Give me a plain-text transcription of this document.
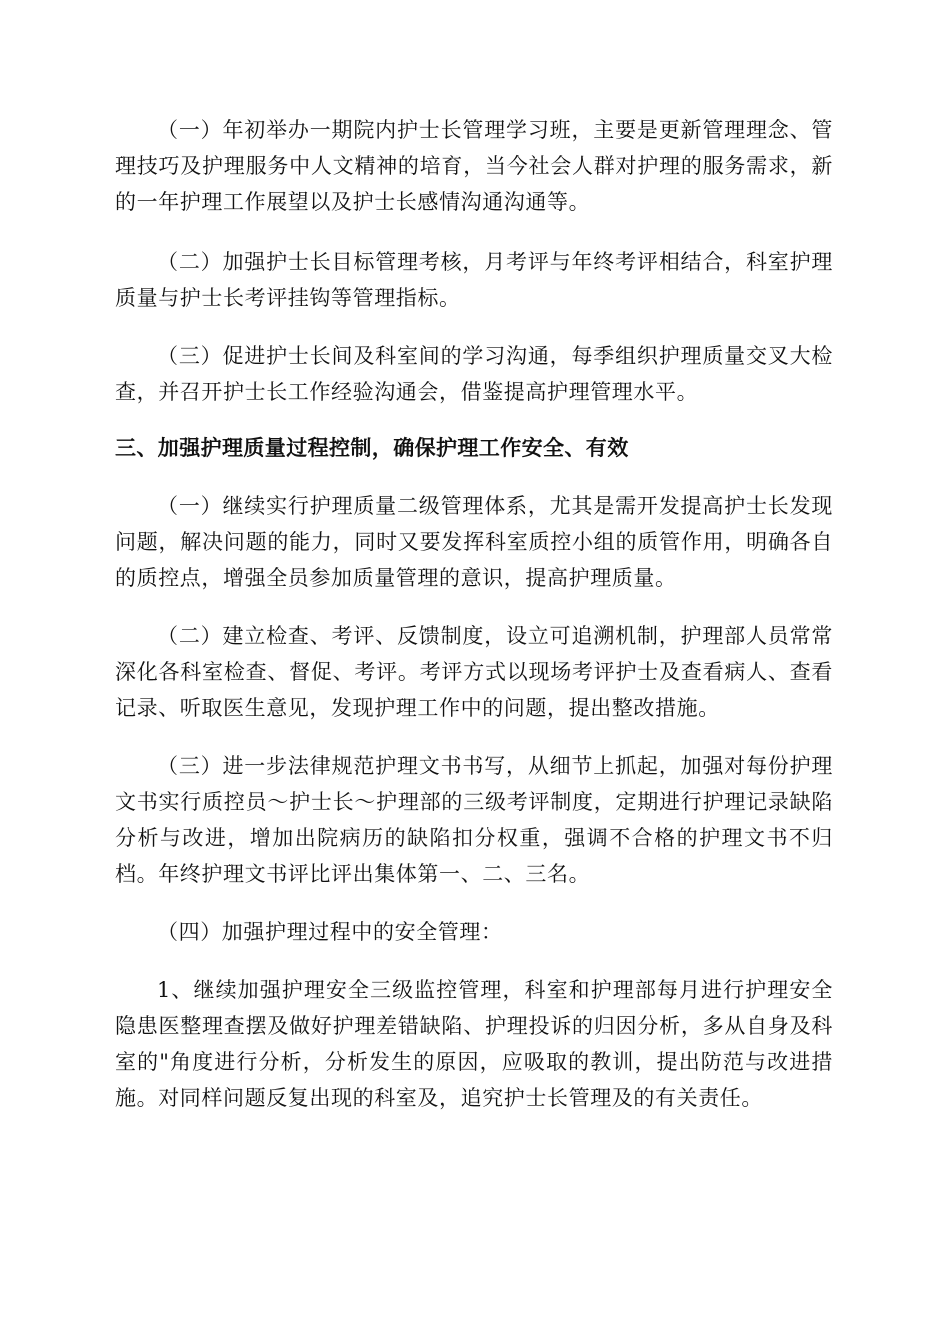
（一）年初举办一期院内护士长管理学习班，主要是更新管理理念、管理技巧及护理服务中人文精神的培育，当今社会人群对护理的服务需求，新的一年护理工作展望以及护士长感情沟通沟通等。

（二）加强护士长目标管理考核，月考评与年终考评相结合，科室护理质量与护士长考评挂钩等管理指标。

（三）促进护士长间及科室间的学习沟通，每季组织护理质量交叉大检查，并召开护士长工作经验沟通会，借鉴提高护理管理水平。

三、加强护理质量过程控制，确保护理工作安全、有效

（一）继续实行护理质量二级管理体系，尤其是需开发提高护士长发现问题，解决问题的能力，同时又要发挥科室质控小组的质管作用，明确各自的质控点，增强全员参加质量管理的意识，提高护理质量。

（二）建立检查、考评、反馈制度，设立可追溯机制，护理部人员常常深化各科室检查、督促、考评。考评方式以现场考评护士及查看病人、查看记录、听取医生意见，发现护理工作中的问题，提出整改措施。

（三）进一步法律规范护理文书书写，从细节上抓起，加强对每份护理文书实行质控员～护士长～护理部的三级考评制度，定期进行护理记录缺陷分析与改进，增加出院病历的缺陷扣分权重，强调不合格的护理文书不归档。年终护理文书评比评出集体第一、二、三名。

（四）加强护理过程中的安全管理：

1、继续加强护理安全三级监控管理，科室和护理部每月进行护理安全隐患医整理查摆及做好护理差错缺陷、护理投诉的归因分析，多从自身及科室的"角度进行分析，分析发生的原因，应吸取的教训，提出防范与改进措施。对同样问题反复出现的科室及，追究护士长管理及的有关责任。
